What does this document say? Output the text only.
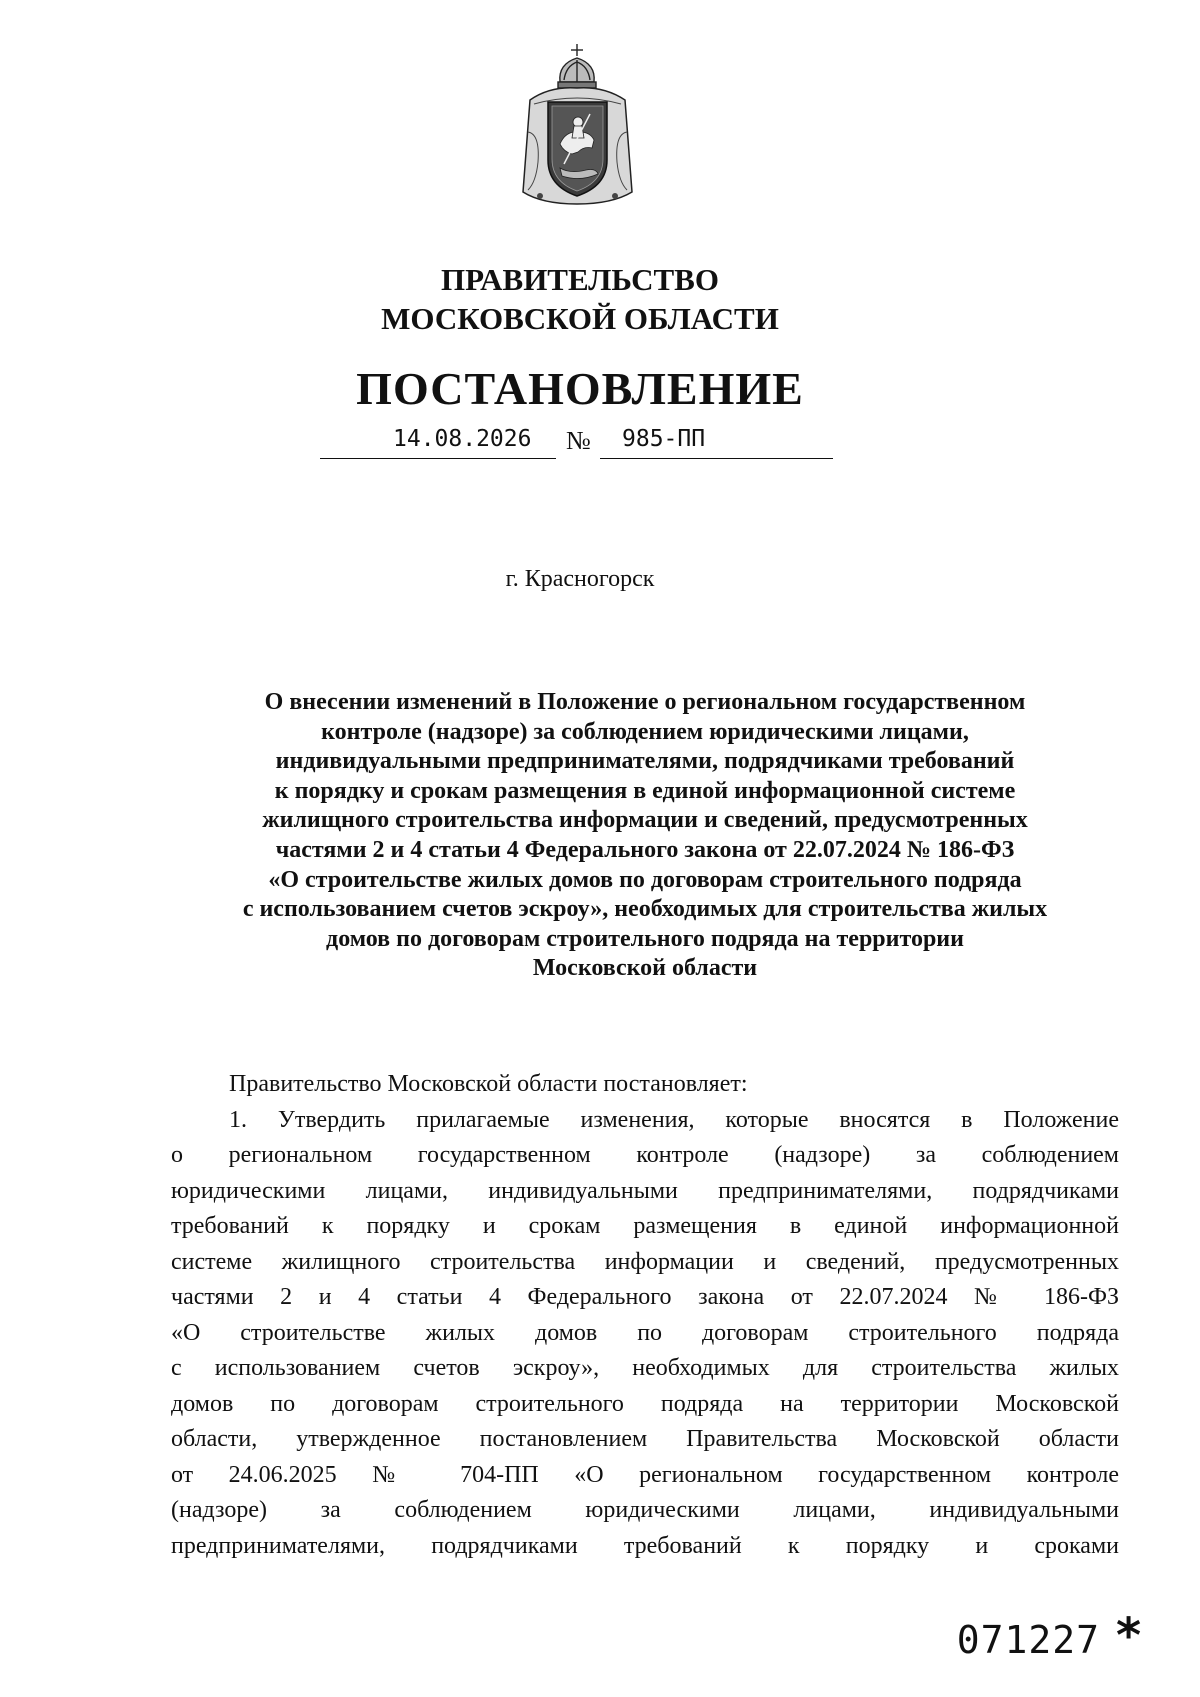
ПРАВИТЕЛЬСТВО
МОСКОВСКОЙ ОБЛАСТИ
ПОСТАНОВЛЕНИЕ
14.08.2026 № 985-ПП
г. Красногорск
О внесении изменений в Положение о региональном государственном
контроле (надзоре) за соблюдением юридическими лицами,
индивидуальными предпринимателями, подрядчиками требований
к порядку и срокам размещения в единой информационной системе
жилищного строительства информации и сведений, предусмотренных
частями 2 и 4 статьи 4 Федерального закона от 22.07.2024 № 186-ФЗ
«О строительстве жилых домов по договорам строительного подряда
с использованием счетов эскроу», необходимых для строительства жилых
домов по договорам строительного подряда на территории
Московской области
Правительство Московской области постановляет:
1. Утвердить прилагаемые изменения, которые вносятся в Положение
о региональном государственном контроле (надзоре) за соблюдением
юридическими лицами, индивидуальными предпринимателями, подрядчиками
требований к порядку и срокам размещения в единой информационной
системе жилищного строительства информации и сведений, предусмотренных
частями 2 и 4 статьи 4 Федерального закона от 22.07.2024 № 186-ФЗ
«О строительстве жилых домов по договорам строительного подряда
с использованием счетов эскроу», необходимых для строительства жилых
домов по договорам строительного подряда на территории Московской
области, утвержденное постановлением Правительства Московской области
от 24.06.2025 № 704-ПП «О региональном государственном контроле
(надзоре) за соблюдением юридическими лицами, индивидуальными
предпринимателями, подрядчиками требований к порядку и сроками
071227 *
